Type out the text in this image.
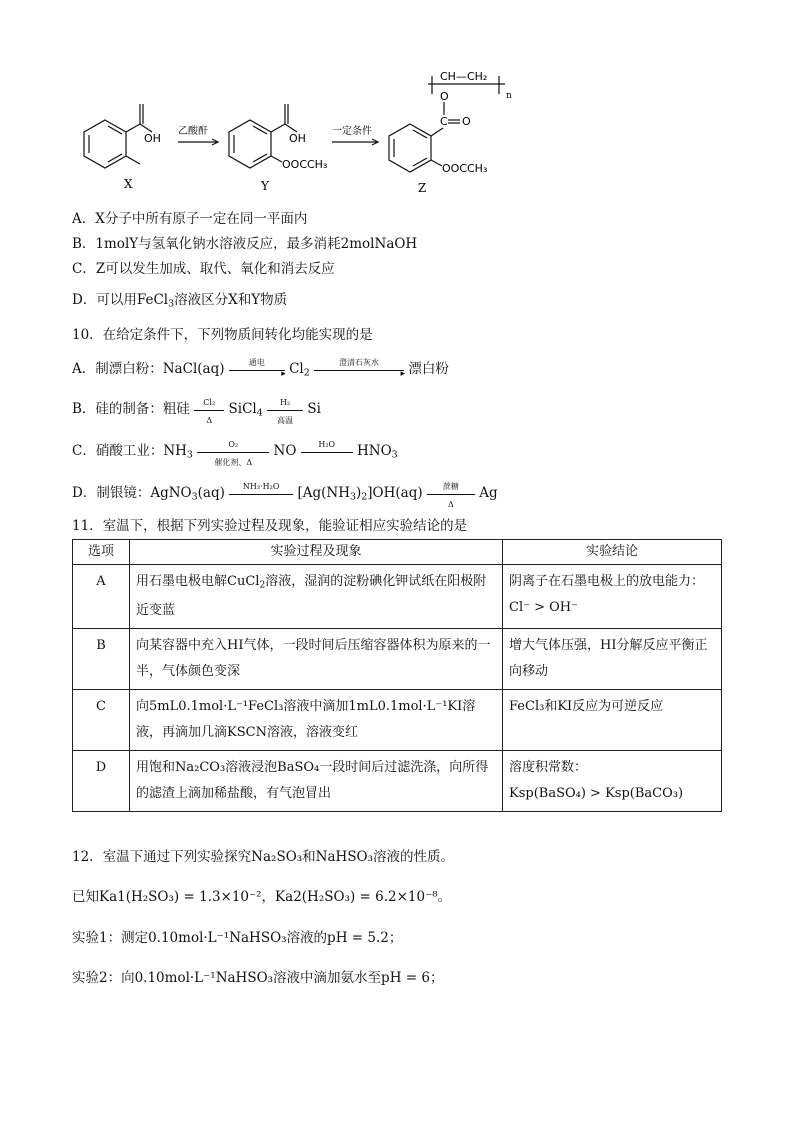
OH
X
乙酸酐
OH
OOCCH₃
Y
一定条件
CH—CH₂
n
O
C O
OOCCH₃
Z
A．X分子中所有原子一定在同一平面内
B．1molY与氢氧化钠水溶液反应，最多消耗2molNaOH
C．Z可以发生加成、取代、氧化和消去反应
D．可以用FeCl$_3$溶液区分X和Y物质
10．在给定条件下，下列物质间转化均能实现的是
A．制漂白粉：NaCl(aq)	通电
▸ $Cl_2$
澄清石灰水
▸ 漂白粉
B．硅的制备：粗硅 $\frac{\text{Cl₂}}{\Delta}$ SiCl$_4$
H₂
高温
Si
C．硝酸工业：$NH_3$
O₂
催化剂、Δ
NO	H₂O	$HNO_3$
D．制银镜：AgNO$_3$(aq)	NH₃·H₂O	$[Ag(NH_3)_2]OH(aq)$	蔗糖
Δ
Ag
11．室温下，根据下列实验过程及现象，能验证相应实验结论的是
选项	实验过程及现象	实验结论
A	用石墨电极电解CuCl$_2$溶液，湿润的淀粉碘化钾试纸在阳极附近变蓝	阴离子在石墨电极上的放电能力：
Cl⁻ > OH⁻

B	向某容器中充入HI气体，一段时间后压缩容器体积为原来的一半，气体颜色变深	增大气体压强，HI分解反应平衡正向移动
C	向5mL0.1mol·L⁻¹FeCl₃溶液中滴加1mL0.1mol·L⁻¹KI溶液，再滴加几滴KSCN溶液，溶液变红	FeCl₃和KI反应为可逆反应
D	用饱和Na₂CO₃溶液浸泡BaSO₄一段时间后过滤洗涤，向所得的滤渣上滴加稀盐酸，有气泡冒出	溶度积常数：
Ksp(BaSO₄) > Ksp(BaCO₃)
12．室温下通过下列实验探究Na₂SO₃和NaHSO₃溶液的性质。
已知Ka1(H₂SO₃) = 1.3×10⁻²，Ka2(H₂SO₃) = 6.2×10⁻⁸。
实验1：测定0.10mol·L⁻¹NaHSO₃溶液的pH = 5.2；
实验2：向0.10mol·L⁻¹NaHSO₃溶液中滴加氨水至pH = 6；
